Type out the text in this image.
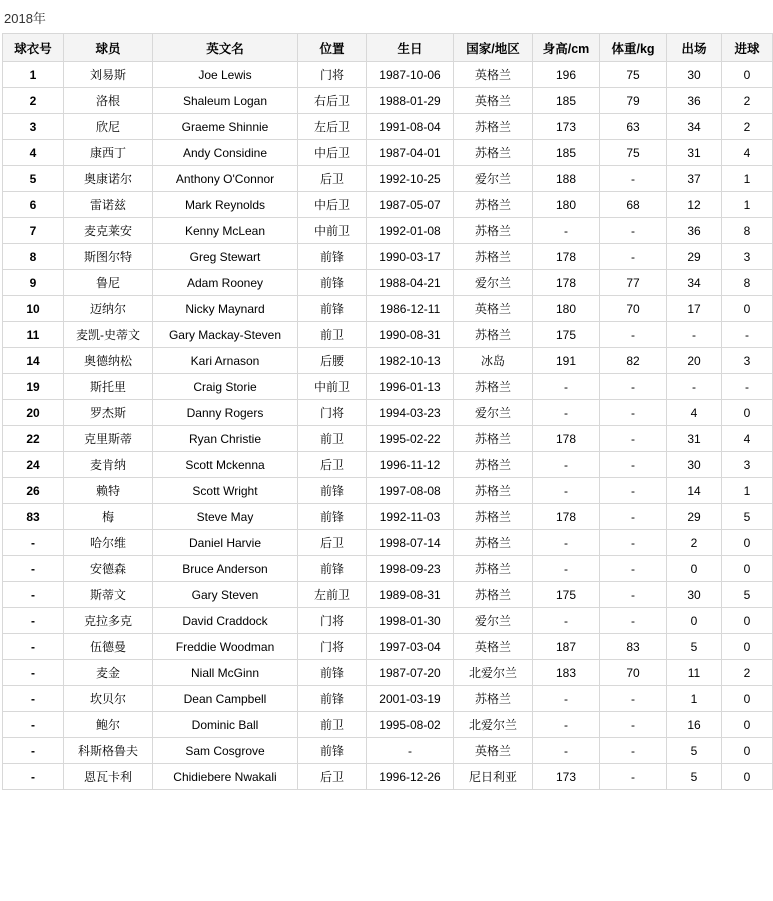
2018年
球衣号	球员	英文名	位置	生日	国家/地区	身高/cm	体重/kg	出场	进球
1	刘易斯	Joe Lewis	门将	1987-10-06	英格兰	196	75	30	0
2	洛根	Shaleum Logan	右后卫	1988-01-29	英格兰	185	79	36	2
3	欣尼	Graeme Shinnie	左后卫	1991-08-04	苏格兰	173	63	34	2
4	康西丁	Andy Considine	中后卫	1987-04-01	苏格兰	185	75	31	4
5	奥康诺尔	Anthony O'Connor	后卫	1992-10-25	爱尔兰	188	-	37	1
6	雷诺兹	Mark Reynolds	中后卫	1987-05-07	苏格兰	180	68	12	1
7	麦克莱安	Kenny McLean	中前卫	1992-01-08	苏格兰	-	-	36	8
8	斯图尔特	Greg Stewart	前锋	1990-03-17	苏格兰	178	-	29	3
9	鲁尼	Adam Rooney	前锋	1988-04-21	爱尔兰	178	77	34	8
10	迈纳尔	Nicky Maynard	前锋	1986-12-11	英格兰	180	70	17	0
11	麦凯-史蒂文	Gary Mackay-Steven	前卫	1990-08-31	苏格兰	175	-	-	-
14	奥德纳松	Kari Arnason	后腰	1982-10-13	冰岛	191	82	20	3
19	斯托里	Craig Storie	中前卫	1996-01-13	苏格兰	-	-	-	-
20	罗杰斯	Danny Rogers	门将	1994-03-23	爱尔兰	-	-	4	0
22	克里斯蒂	Ryan Christie	前卫	1995-02-22	苏格兰	178	-	31	4
24	麦肯纳	Scott Mckenna	后卫	1996-11-12	苏格兰	-	-	30	3
26	赖特	Scott Wright	前锋	1997-08-08	苏格兰	-	-	14	1
83	梅	Steve May	前锋	1992-11-03	苏格兰	178	-	29	5
-	哈尔维	Daniel Harvie	后卫	1998-07-14	苏格兰	-	-	2	0
-	安德森	Bruce Anderson	前锋	1998-09-23	苏格兰	-	-	0	0
-	斯蒂文	Gary Steven	左前卫	1989-08-31	苏格兰	175	-	30	5
-	克拉多克	David Craddock	门将	1998-01-30	爱尔兰	-	-	0	0
-	伍德曼	Freddie Woodman	门将	1997-03-04	英格兰	187	83	5	0
-	麦金	Niall McGinn	前锋	1987-07-20	北爱尔兰	183	70	11	2
-	坎贝尔	Dean Campbell	前锋	2001-03-19	苏格兰	-	-	1	0
-	鲍尔	Dominic Ball	前卫	1995-08-02	北爱尔兰	-	-	16	0
-	科斯格鲁夫	Sam Cosgrove	前锋	-	英格兰	-	-	5	0
-	恩瓦卡利	Chidiebere Nwakali	后卫	1996-12-26	尼日利亚	173	-	5	0
